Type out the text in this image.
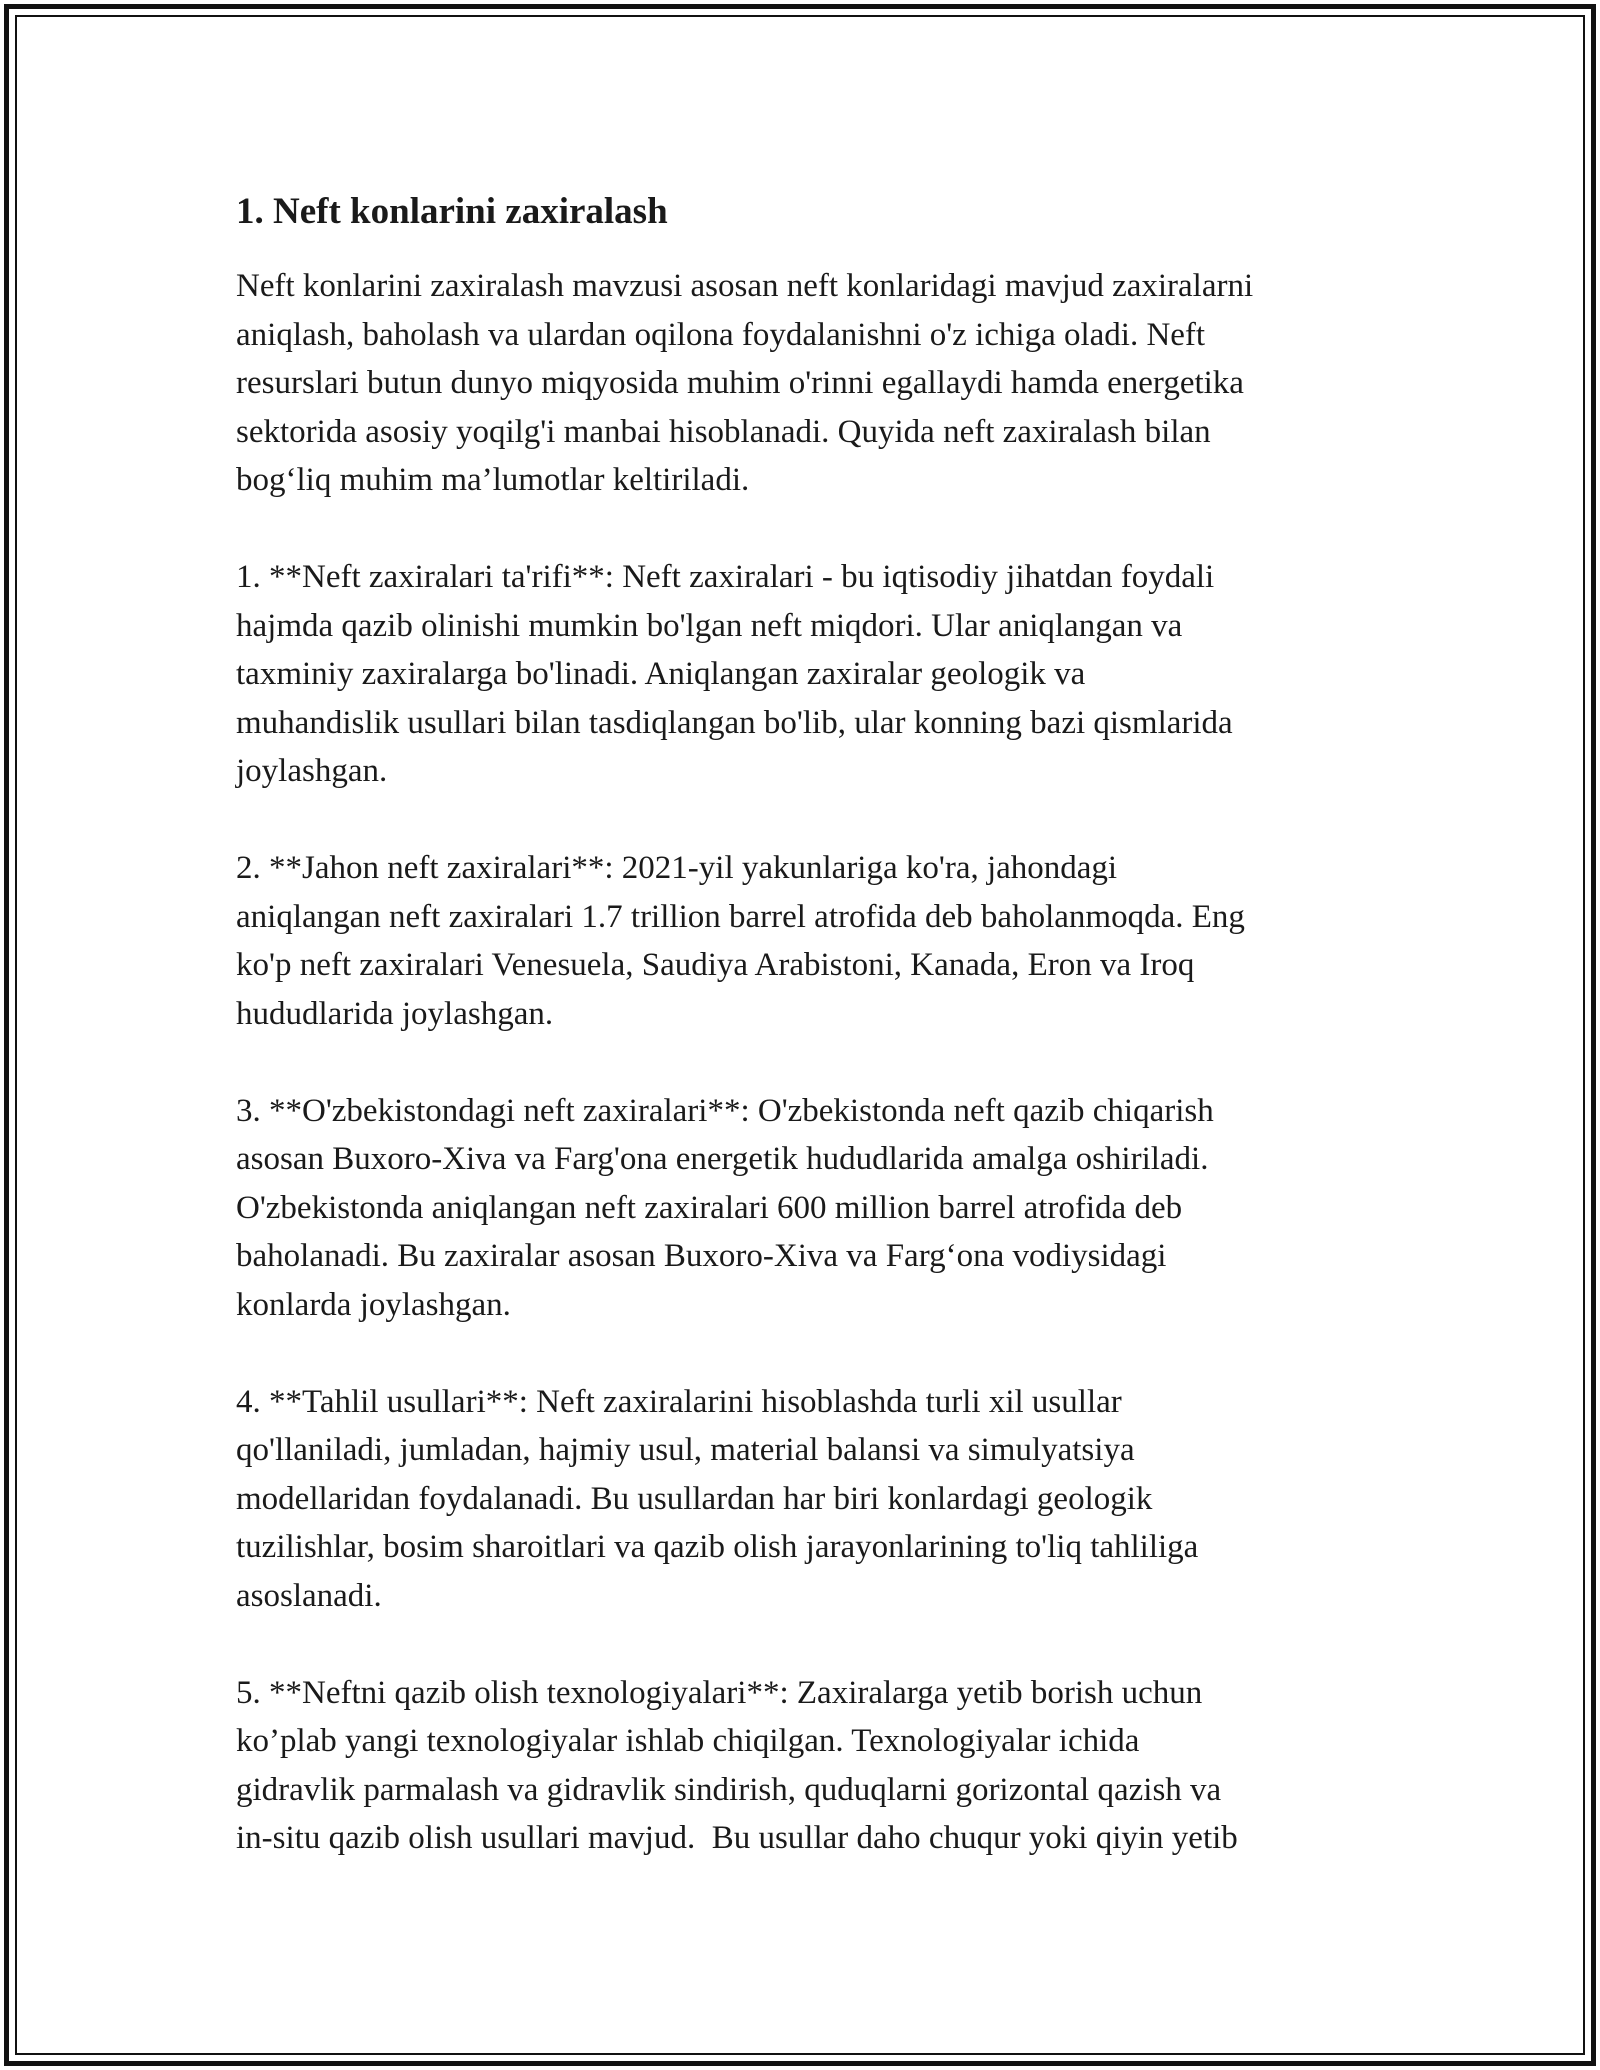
1. Neft konlarini zaxiralash

Neft konlarini zaxiralash mavzusi asosan neft konlaridagi mavjud zaxiralarni
aniqlash, baholash va ulardan oqilona foydalanishni o'z ichiga oladi. Neft
resurslari butun dunyo miqyosida muhim o'rinni egallaydi hamda energetika
sektorida asosiy yoqilg'i manbai hisoblanadi. Quyida neft zaxiralash bilan
bog‘liq muhim ma’lumotlar keltiriladi.

1. **Neft zaxiralari ta'rifi**: Neft zaxiralari - bu iqtisodiy jihatdan foydali
hajmda qazib olinishi mumkin bo'lgan neft miqdori. Ular aniqlangan va
taxminiy zaxiralarga bo'linadi. Aniqlangan zaxiralar geologik va
muhandislik usullari bilan tasdiqlangan bo'lib, ular konning bazi qismlarida
joylashgan.

2. **Jahon neft zaxiralari**: 2021-yil yakunlariga ko'ra, jahondagi
aniqlangan neft zaxiralari 1.7 trillion barrel atrofida deb baholanmoqda. Eng
ko'p neft zaxiralari Venesuela, Saudiya Arabistoni, Kanada, Eron va Iroq
hududlarida joylashgan.

3. **O'zbekistondagi neft zaxiralari**: O'zbekistonda neft qazib chiqarish
asosan Buxoro-Xiva va Farg'ona energetik hududlarida amalga oshiriladi.
O'zbekistonda aniqlangan neft zaxiralari 600 million barrel atrofida deb
baholanadi. Bu zaxiralar asosan Buxoro-Xiva va Farg‘ona vodiysidagi
konlarda joylashgan.

4. **Tahlil usullari**: Neft zaxiralarini hisoblashda turli xil usullar
qo'llaniladi, jumladan, hajmiy usul, material balansi va simulyatsiya
modellaridan foydalanadi. Bu usullardan har biri konlardagi geologik
tuzilishlar, bosim sharoitlari va qazib olish jarayonlarining to'liq tahliliga
asoslanadi.

5. **Neftni qazib olish texnologiyalari**: Zaxiralarga yetib borish uchun
ko’plab yangi texnologiyalar ishlab chiqilgan. Texnologiyalar ichida
gidravlik parmalash va gidravlik sindirish, quduqlarni gorizontal qazish va
in-situ qazib olish usullari mavjud.  Bu usullar daho chuqur yoki qiyin yetib
